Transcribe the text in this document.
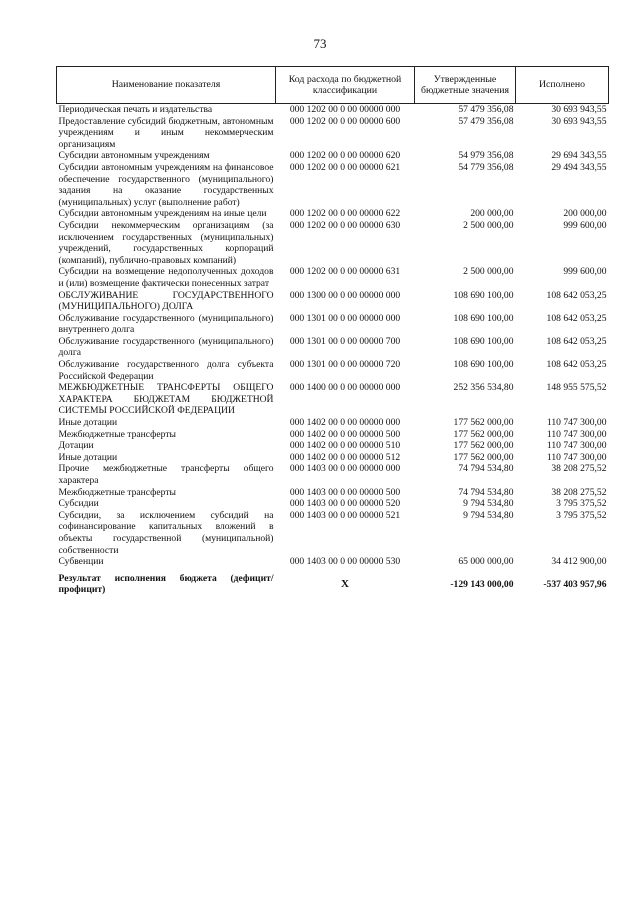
73
Наименование показателя	Код расхода по бюджетной классификации	Утвержденные бюджетные значения	Исполнено
Периодическая печать и издательства	000 1202 00 0 00 00000 000	57 479 356,08	30 693 943,55
Предоставление субсидий бюджетным, автономным учреждениям и иным некоммерческим организациям	000 1202 00 0 00 00000 600	57 479 356,08	30 693 943,55
Субсидии автономным учреждениям	000 1202 00 0 00 00000 620	54 979 356,08	29 694 343,55
Субсидии автономным учреждениям на финансовое обеспечение государственного (муниципального) задания на оказание государственных (муниципальных) услуг (выполнение работ)	000 1202 00 0 00 00000 621	54 779 356,08	29 494 343,55
Субсидии автономным учреждениям на иные цели	000 1202 00 0 00 00000 622	200 000,00	200 000,00
Субсидии некоммерческим организациям (за исключением государственных (муниципальных) учреждений, государственных корпораций (компаний), публично-правовых компаний)	000 1202 00 0 00 00000 630	2 500 000,00	999 600,00
Субсидии на возмещение недополученных доходов и (или) возмещение фактически понесенных затрат	000 1202 00 0 00 00000 631	2 500 000,00	999 600,00
ОБСЛУЖИВАНИЕ ГОСУДАРСТВЕННОГО (МУНИЦИПАЛЬНОГО) ДОЛГА	000 1300 00 0 00 00000 000	108 690 100,00	108 642 053,25
Обслуживание государственного (муниципального) внутреннего долга	000 1301 00 0 00 00000 000	108 690 100,00	108 642 053,25
Обслуживание государственного (муниципального) долга	000 1301 00 0 00 00000 700	108 690 100,00	108 642 053,25
Обслуживание государственного долга субъекта Российской Федерации	000 1301 00 0 00 00000 720	108 690 100,00	108 642 053,25
МЕЖБЮДЖЕТНЫЕ ТРАНСФЕРТЫ ОБЩЕГО ХАРАКТЕРА БЮДЖЕТАМ БЮДЖЕТНОЙ СИСТЕМЫ РОССИЙСКОЙ ФЕДЕРАЦИИ	000 1400 00 0 00 00000 000	252 356 534,80	148 955 575,52
Иные дотации	000 1402 00 0 00 00000 000	177 562 000,00	110 747 300,00
Межбюджетные трансферты	000 1402 00 0 00 00000 500	177 562 000,00	110 747 300,00
Дотации	000 1402 00 0 00 00000 510	177 562 000,00	110 747 300,00
Иные дотации	000 1402 00 0 00 00000 512	177 562 000,00	110 747 300,00
Прочие межбюджетные трансферты общего характера	000 1403 00 0 00 00000 000	74 794 534,80	38 208 275,52
Межбюджетные трансферты	000 1403 00 0 00 00000 500	74 794 534,80	38 208 275,52
Субсидии	000 1403 00 0 00 00000 520	9 794 534,80	3 795 375,52
Субсидии, за исключением субсидий на софинансирование капитальных вложений в объекты государственной (муниципальной) собственности	000 1403 00 0 00 00000 521	9 794 534,80	3 795 375,52
Субвенции	000 1403 00 0 00 00000 530	65 000 000,00	34 412 900,00
Результат исполнения бюджета (дефицит/профицит)	X	-129 143 000,00	-537 403 957,96
